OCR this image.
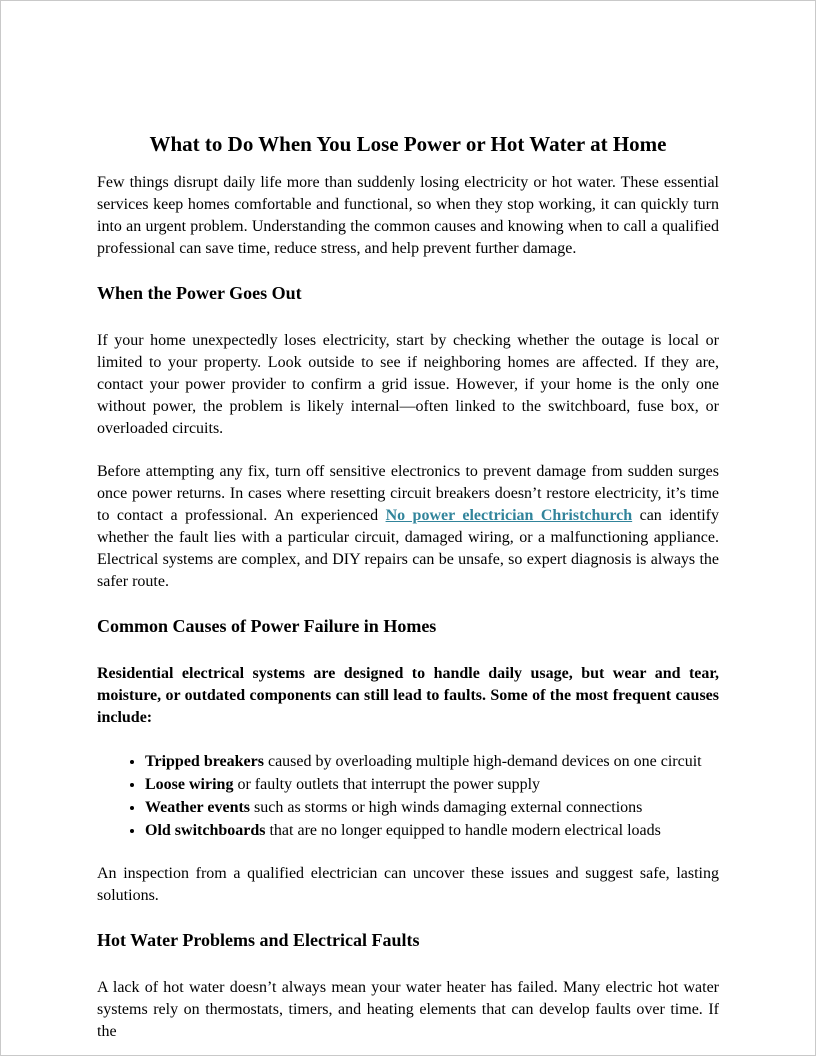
What to Do When You Lose Power or Hot Water at Home

Few things disrupt daily life more than suddenly losing electricity or hot water. These essential services keep homes comfortable and functional, so when they stop working, it can quickly turn into an urgent problem. Understanding the common causes and knowing when to call a qualified professional can save time, reduce stress, and help prevent further damage.

When the Power Goes Out

If your home unexpectedly loses electricity, start by checking whether the outage is local or limited to your property. Look outside to see if neighboring homes are affected. If they are, contact your power provider to confirm a grid issue. However, if your home is the only one without power, the problem is likely internal—often linked to the switchboard, fuse box, or overloaded circuits.

Before attempting any fix, turn off sensitive electronics to prevent damage from sudden surges once power returns. In cases where resetting circuit breakers doesn’t restore electricity, it’s time to contact a professional. An experienced No power electrician Christchurch can identify whether the fault lies with a particular circuit, damaged wiring, or a malfunctioning appliance. Electrical systems are complex, and DIY repairs can be unsafe, so expert diagnosis is always the safer route.

Common Causes of Power Failure in Homes

Residential electrical systems are designed to handle daily usage, but wear and tear, moisture, or outdated components can still lead to faults. Some of the most frequent causes include:

• Tripped breakers caused by overloading multiple high-demand devices on one circuit
• Loose wiring or faulty outlets that interrupt the power supply
• Weather events such as storms or high winds damaging external connections
• Old switchboards that are no longer equipped to handle modern electrical loads

An inspection from a qualified electrician can uncover these issues and suggest safe, lasting solutions.

Hot Water Problems and Electrical Faults

A lack of hot water doesn’t always mean your water heater has failed. Many electric hot water systems rely on thermostats, timers, and heating elements that can develop faults over time. If the
